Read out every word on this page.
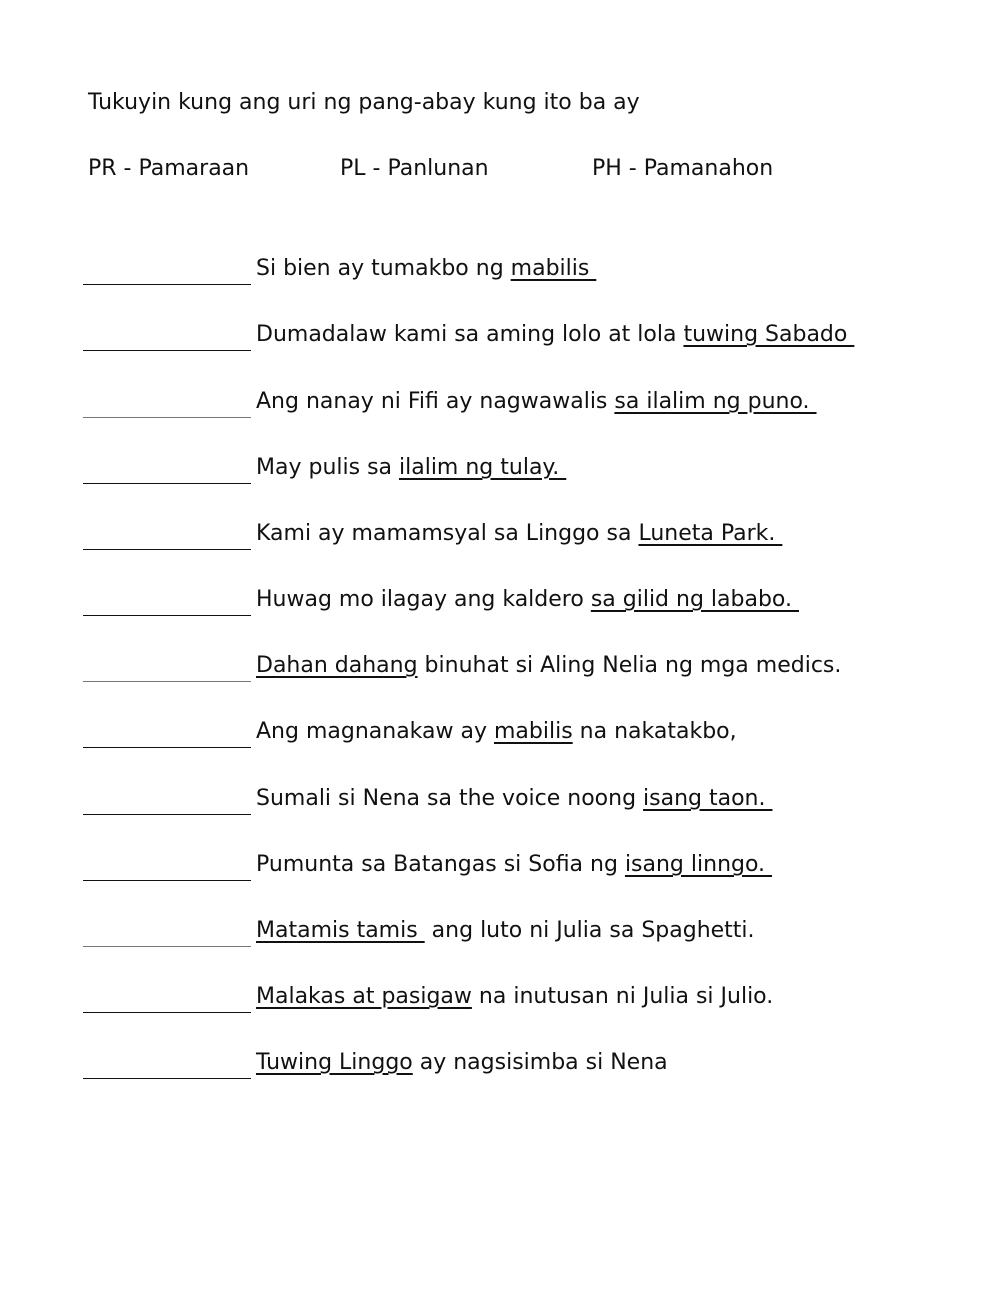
Tukuyin kung ang uri ng pang-abay kung ito ba ay
PR - Pamaraan	PL - Panlunan	PH - Pamanahon
Si bien ay tumakbo ng mabilis
Dumadalaw kami sa aming lolo at lola tuwing Sabado
Ang nanay ni Fifi ay nagwawalis sa ilalim ng puno.
May pulis sa ilalim ng tulay.
Kami ay mamamsyal sa Linggo sa Luneta Park.
Huwag mo ilagay ang kaldero sa gilid ng lababo.
Dahan dahang binuhat si Aling Nelia ng mga medics.
Ang magnanakaw ay mabilis na nakatakbo,
Sumali si Nena sa the voice noong isang taon.
Pumunta sa Batangas si Sofia ng isang linngo.
Matamis tamis  ang luto ni Julia sa Spaghetti.
Malakas at pasigaw na inutusan ni Julia si Julio.
Tuwing Linggo ay nagsisimba si Nena
